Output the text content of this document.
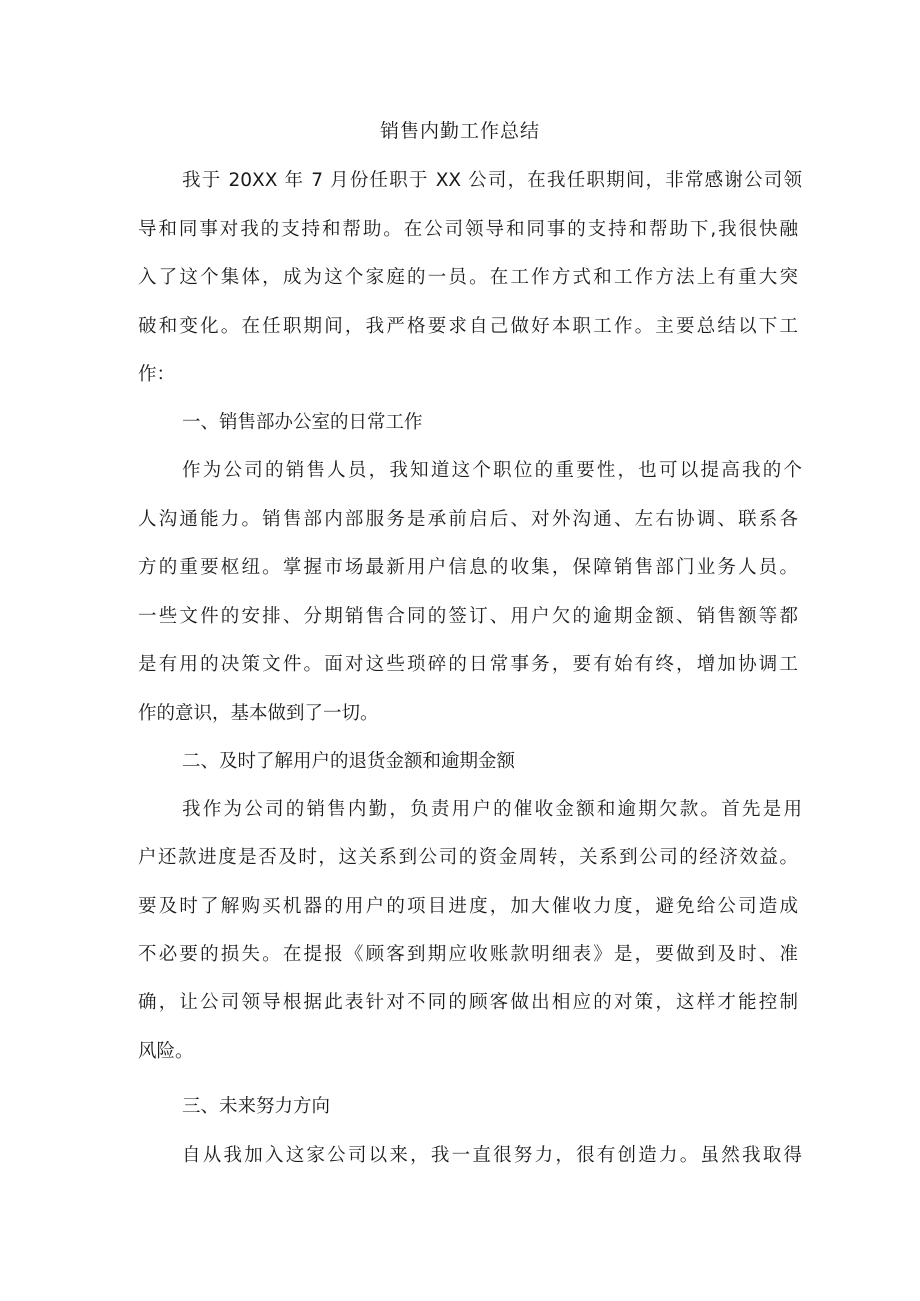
销售内勤工作总结
我于 20XX 年 7 月份任职于 XX 公司，在我任职期间，非常感谢公司领
导和同事对我的支持和帮助。在公司领导和同事的支持和帮助下,我很快融
入了这个集体，成为这个家庭的一员。在工作方式和工作方法上有重大突
破和变化。在任职期间，我严格要求自己做好本职工作。主要总结以下工
作：
一、销售部办公室的日常工作
作为公司的销售人员，我知道这个职位的重要性，也可以提高我的个
人沟通能力。销售部内部服务是承前启后、对外沟通、左右协调、联系各
方的重要枢纽。掌握市场最新用户信息的收集，保障销售部门业务人员。
一些文件的安排、分期销售合同的签订、用户欠的逾期金额、销售额等都
是有用的决策文件。面对这些琐碎的日常事务，要有始有终，增加协调工
作的意识，基本做到了一切。
二、及时了解用户的退货金额和逾期金额
我作为公司的销售内勤，负责用户的催收金额和逾期欠款。首先是用
户还款进度是否及时，这关系到公司的资金周转，关系到公司的经济效益。
要及时了解购买机器的用户的项目进度，加大催收力度，避免给公司造成
不必要的损失。在提报《顾客到期应收账款明细表》是，要做到及时、准
确，让公司领导根据此表针对不同的顾客做出相应的对策，这样才能控制
风险。
三、未来努力方向
自从我加入这家公司以来，我一直很努力，很有创造力。虽然我取得
